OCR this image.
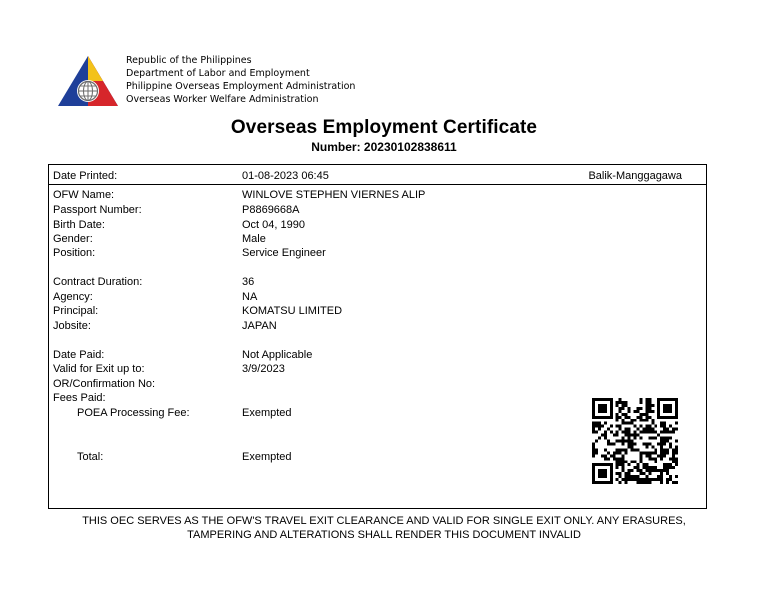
Republic of the Philippines
Department of Labor and Employment
Philippine Overseas Employment Administration
Overseas Worker Welfare Administration
Overseas Employment Certificate
Number: 20230102838611
Date Printed:	01-08-2023 06:45	Balik-Manggagawa
OFW Name:	WINLOVE STEPHEN VIERNES ALIP
Passport Number:	P8869668A
Birth Date:	Oct 04, 1990
Gender:	Male
Position:	Service Engineer
Contract Duration:	36
Agency:	NA
Principal:	KOMATSU LIMITED
Jobsite:	JAPAN
Date Paid:	Not Applicable
Valid for Exit up to:	3/9/2023
OR/Confirmation No:
Fees Paid:
POEA Processing Fee:	Exempted
Total:	Exempted
THIS OEC SERVES AS THE OFW'S TRAVEL EXIT CLEARANCE AND VALID FOR SINGLE EXIT ONLY. ANY ERASURES,
TAMPERING AND ALTERATIONS SHALL RENDER THIS DOCUMENT INVALID
